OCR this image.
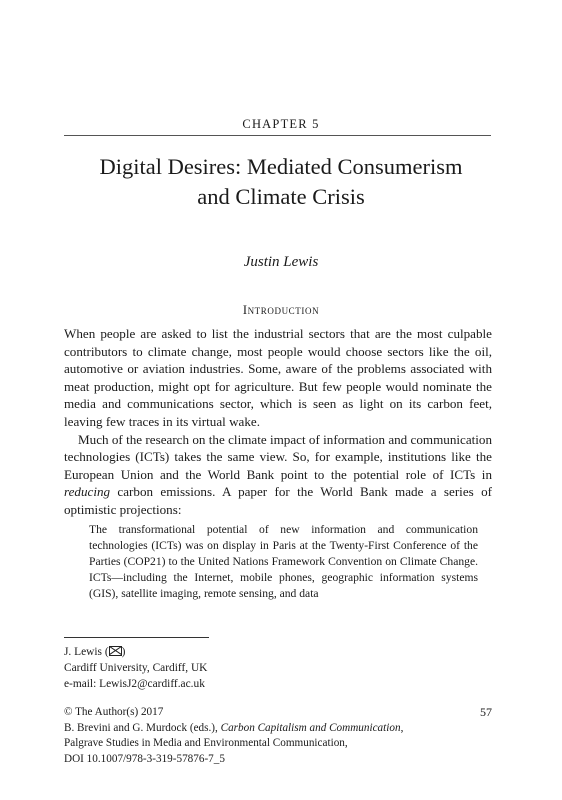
CHAPTER 5
Digital Desires: Mediated Consumerism
and Climate Crisis
Justin Lewis
Introduction

When people are asked to list the industrial sectors that are the most culpable contributors to climate change, most people would choose sectors like the oil, automotive or aviation industries. Some, aware of the problems associated with meat production, might opt for agriculture. But few people would nominate the media and communications sector, which is seen as light on its carbon feet, leaving few traces in its virtual wake.

Much of the research on the climate impact of information and communication technologies (ICTs) takes the same view. So, for example, institutions like the European Union and the World Bank point to the potential role of ICTs in reducing carbon emissions. A paper for the World Bank made a series of optimistic projections:

The transformational potential of new information and communication technologies (ICTs) was on display in Paris at the Twenty-First Conference of the Parties (COP21) to the United Nations Framework Convention on Climate Change. ICTs—including the Internet, mobile phones, geographic information systems (GIS), satellite imaging, remote sensing, and data

J. Lewis ( )
Cardiff University, Cardiff, UK
e-mail: LewisJ2@cardiff.ac.uk
© The Author(s) 2017
B. Brevini and G. Murdock (eds.), Carbon Capitalism and Communication,
Palgrave Studies in Media and Environmental Communication,
DOI 10.1007/978-3-319-57876-7_5
57
